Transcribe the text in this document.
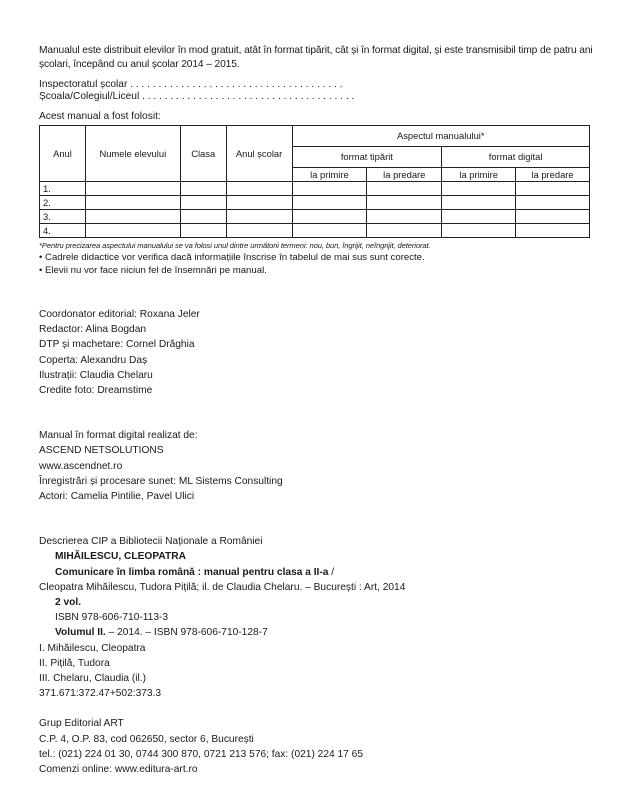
Manualul este distribuit elevilor în mod gratuit, atât în format tipărit, cât și în format digital, și este transmisibil timp de patru ani școlari, începând cu anul școlar 2014 – 2015.

Inspectoratul școlar . . . . . . . . . . . . . . . . . . . . . . . . . . . . . . . . . . . . . .

Școala/Colegiul/Liceul . . . . . . . . . . . . . . . . . . . . . . . . . . . . . . . . . . . . . .

Acest manual a fost folosit:

Anul	Numele elevului	Clasa	Anul școlar	Aspectul manualului*			
				format tipărit		format digital	
				la primire	la predare	la primire	la predare
1.							
2.							
3.							
4.							

*Pentru precizarea aspectului manualului se va folosi unul dintre următorii termeni: nou, bun, îngrijit, neîngrijit, deteriorat.

• Cadrele didactice vor verifica dacă informațiile înscrise în tabelul de mai sus sunt corecte.

• Elevii nu vor face niciun fel de însemnări pe manual.

Coordonator editorial: Roxana Jeler

Redactor: Alina Bogdan

DTP și machetare: Cornel Drăghia

Coperta: Alexandru Daș

Ilustrații: Claudia Chelaru

Credite foto: Dreamstime

Manual în format digital realizat de:

ASCEND NETSOLUTIONS

www.ascendnet.ro

Înregistrări și procesare sunet: ML Sistems Consulting

Actori: Camelia Pintilie, Pavel Ulici

Descrierea CIP a Bibliotecii Naționale a României

MIHĂILESCU, CLEOPATRA

Comunicare în limba română : manual pentru clasa a II-a /

Cleopatra Mihăilescu, Tudora Pițilă; il. de Claudia Chelaru. – București : Art, 2014

2 vol.

ISBN 978-606-710-113-3

Volumul II. – 2014. – ISBN 978-606-710-128-7

I. Mihăilescu, Cleopatra

II. Pițilă, Tudora

III. Chelaru, Claudia (il.)

371.671:372.47+502:373.3

Grup Editorial ART

C.P. 4, O.P. 83, cod 062650, sector 6, București

tel.: (021) 224 01 30, 0744 300 870, 0721 213 576; fax: (021) 224 17 65

Comenzi online: www.editura-art.ro
